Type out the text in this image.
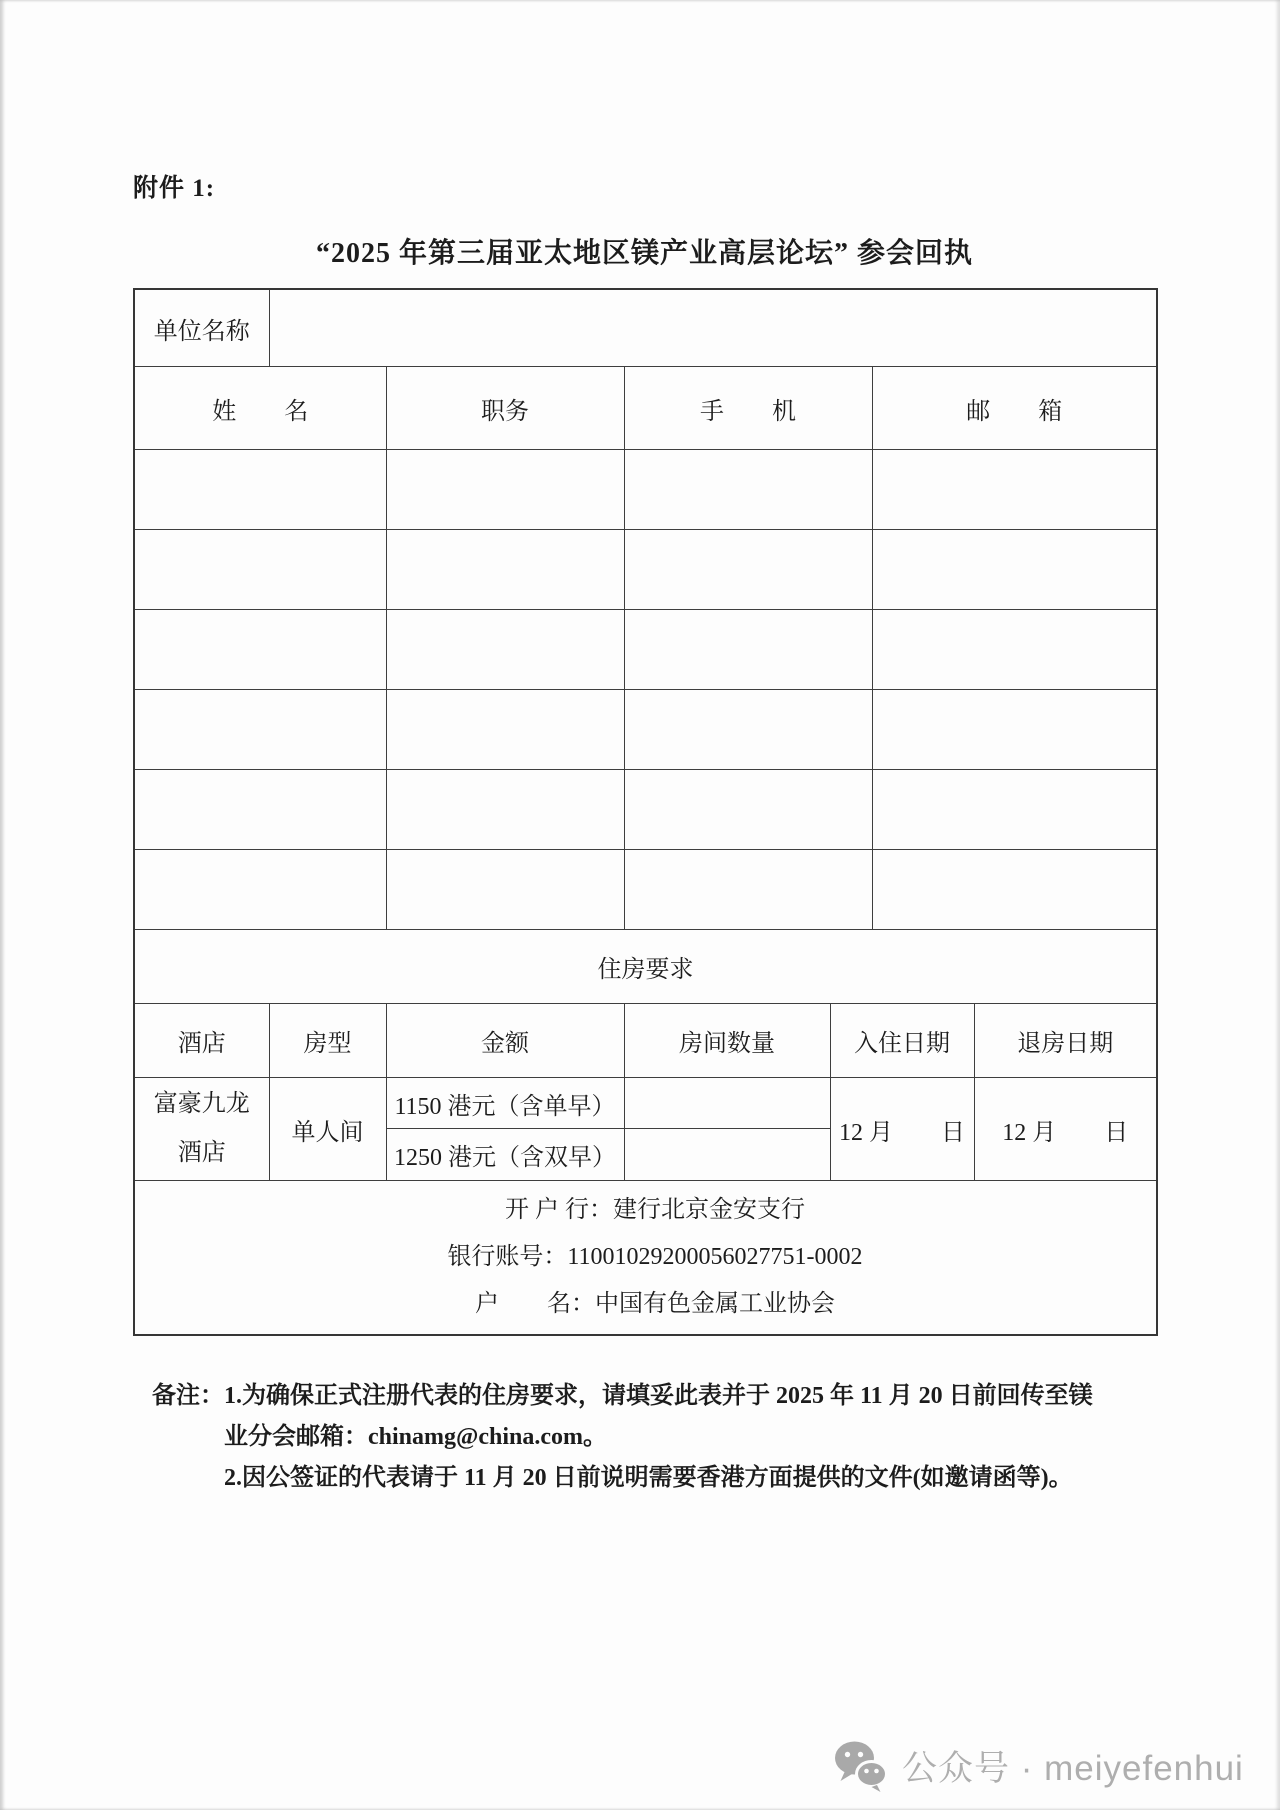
附件 1:
“2025 年第三届亚太地区镁产业高层论坛” 参会回执
单位名称						
姓　　名		职务	手　　机		邮　　箱	

住房要求						
酒店	房型	金额	房间数量	入住日期		退房日期

富豪九龙
酒店	单人间	1150 港元（含单早）		12 月　　日		12 月　　日
		1250 港元（含双早）				

开 户 行：建行北京金安支行
银行账号：11001029200056027751-0002
户　　名：中国有色金属工业协会						
备注： 1.为确保正式注册代表的住房要求，请填妥此表并于 2025 年 11 月 20 日前回传至镁业分会邮箱：chinamg@china.com。
2.因公签证的代表请于 11 月 20 日前说明需要香港方面提供的文件(如邀请函等)。
公众号 · meiyefenhui
